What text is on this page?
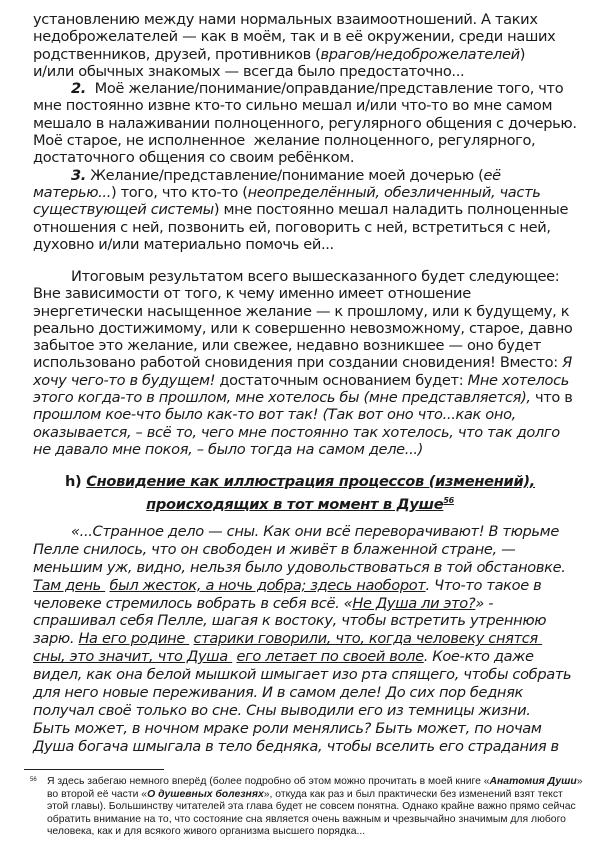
установлению между нами нормальных взаимоотношений. А таких
недоброжелателей — как в моём, так и в её окружении, среди наших
родственников, друзей, противников (врагов/недоброжелателей)
и/или обычных знакомых — всегда было предостаточно...
2.  Моё желание/понимание/оправдание/представление того, что
мне постоянно извне кто-то сильно мешал и/или что-то во мне самом
мешало в налаживании полноценного, регулярного общения с дочерью.
Моё старое, не исполненное  желание полноценного, регулярного,
достаточного общения со своим ребёнком.
3. Желание/представление/понимание моей дочерью (её
матерью...) того, что кто-то (неопределённый, обезличенный, часть
существующей системы) мне постоянно мешал наладить полноценные
отношения с ней, позвонить ей, поговорить с ней, встретиться с ней,
духовно и/или материально помочь ей...
Итоговым результатом всего вышесказанного будет следующее:
Вне зависимости от того, к чему именно имеет отношение
энергетически насыщенное желание — к прошлому, или к будущему, к
реально достижимому, или к совершенно невозможному, старое, давно
забытое это желание, или свежее, недавно возникшее — оно будет
использовано работой сновидения при создании сновидения! Вместо: Я
хочу чего-то в будущем! достаточным основанием будет: Мне хотелось
этого когда-то в прошлом, мне хотелось бы (мне представляется), что в
прошлом кое-что было как-то вот так! (Так вот оно что...как оно,
оказывается, – всё то, чего мне постоянно так хотелось, что так долго
не давало мне покоя, – было тогда на самом деле...)
h) Сновидение как иллюстрация процессов (изменений),
происходящих в тот момент в Душе$^{56}$
«...Странное дело — сны. Как они всё переворачивают! В тюрьме
Пелле снилось, что он свободен и живёт в блаженной стране, —
меньшим уж, видно, нельзя было удовольствоваться в той обстановке.
Там день  был жесток, а ночь добра; здесь наоборот. Что-то такое в
человеке стремилось вобрать в себя всё. «Не Душа ли это?» -
спрашивал себя Пелле, шагая к востоку, чтобы встретить утреннюю
зарю. На его родине  старики говорили, что, когда человеку снятся
сны, это значит, что Душа  его летает по своей воле. Кое-кто даже
видел, как она белой мышкой шмыгает изо рта спящего, чтобы собрать
для него новые переживания. И в самом деле! До сих пор бедняк
получал своё только во сне. Сны выводили его из темницы жизни.
Быть может, в ночном мраке роли менялись? Быть может, по ночам
Душа богача шмыгала в тело бедняка, чтобы вселить его страдания в
56 Я здесь забегаю немного вперёд (более подробно об этом можно прочитать в моей книге «Анатомия Души»
во второй её части «О душевных болезнях», откуда как раз и был практически без изменений взят текст
этой главы). Большинству читателей эта глава будет не совсем понятна. Однако крайне важно прямо сейчас
обратить внимание на то, что состояние сна является очень важным и чрезвычайно значимым для любого
человека, как и для всякого живого организма высшего порядка...
